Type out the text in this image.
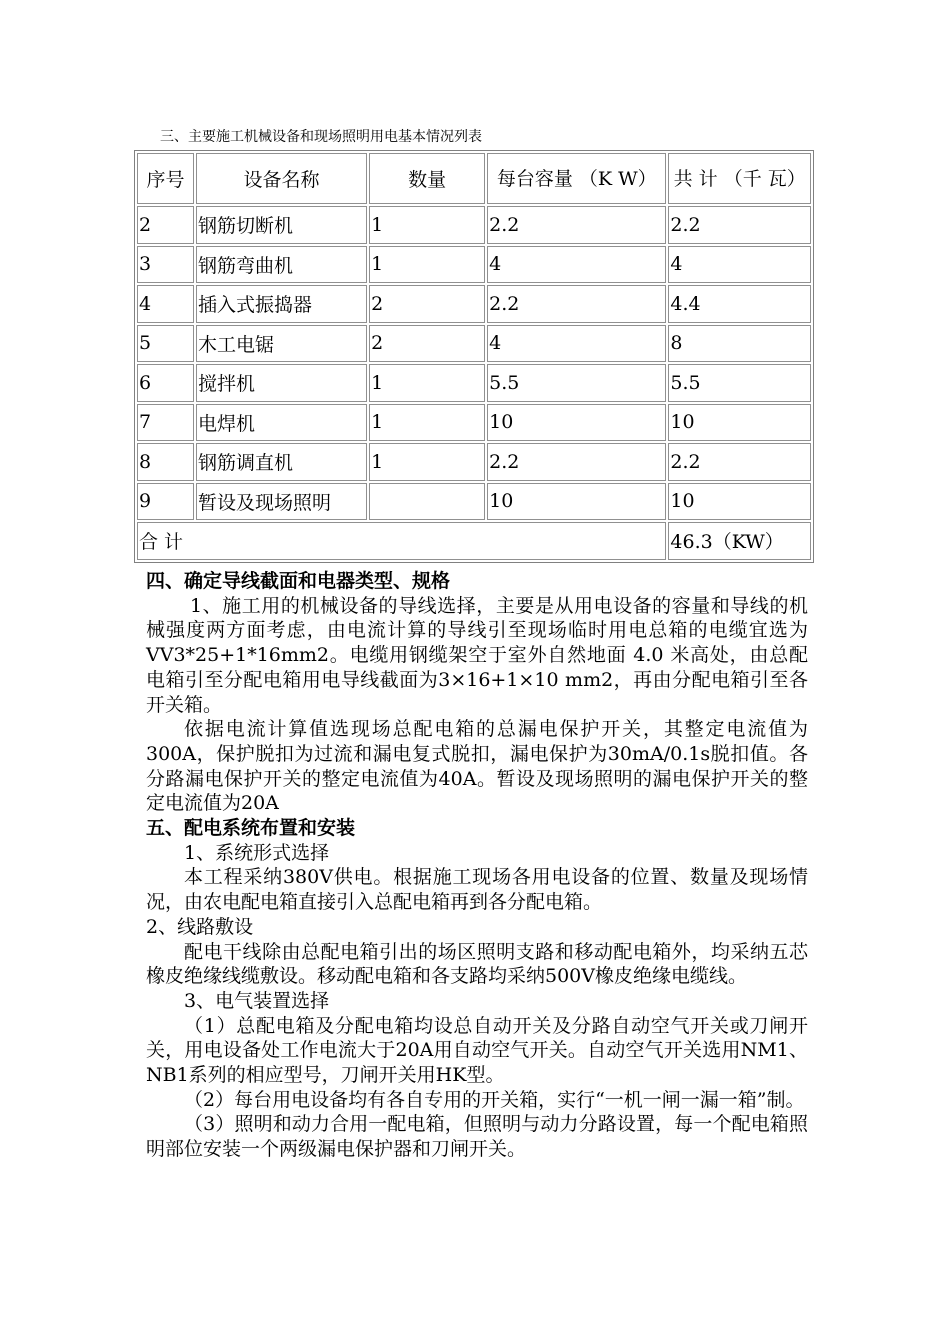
三、主要施工机械设备和现场照明用电基本情况列表
序号	设备名称	数量	每台容量 （K W）	共 计 （千 瓦）
2	钢筋切断机	1	2.2	2.2
3	钢筋弯曲机	1	4	4
4	插入式振捣器	2	2.2	4.4
5	木工电锯	2	4	8
6	搅拌机	1	5.5	5.5
7	电焊机	1	10	10
8	钢筋调直机	1	2.2	2.2
9	暂设及现场照明		10	10
合 计				46.3（KW）

四、确定导线截面和电器类型、规格

1、施工用的机械设备的导线选择，主要是从用电设备的容量和导线的机械强度两方面考虑，由电流计算的导线引至现场临时用电总箱的电缆宜选为VV3*25+1*16mm2。电缆用钢缆架空于室外自然地面 4.0 米高处，由总配电箱引至分配电箱用电导线截面为3×16+1×10 mm2，再由分配电箱引至各开关箱。

依据电流计算值选现场总配电箱的总漏电保护开关，其整定电流值为300A，保护脱扣为过流和漏电复式脱扣，漏电保护为30mA/0.1s脱扣值。各分路漏电保护开关的整定电流值为40A。暂设及现场照明的漏电保护开关的整定电流值为20A

五、配电系统布置和安装

1、系统形式选择

本工程采纳380V供电。根据施工现场各用电设备的位置、数量及现场情况，由农电配电箱直接引入总配电箱再到各分配电箱。

2、线路敷设

配电干线除由总配电箱引出的场区照明支路和移动配电箱外，均采纳五芯橡皮绝缘线缆敷设。移动配电箱和各支路均采纳500V橡皮绝缘电缆线。

3、电气装置选择

（1）总配电箱及分配电箱均设总自动开关及分路自动空气开关或刀闸开关，用电设备处工作电流大于20A用自动空气开关。自动空气开关选用NM1、NB1系列的相应型号，刀闸开关用HK型。

（2）每台用电设备均有各自专用的开关箱，实行“一机一闸一漏一箱”制。

（3）照明和动力合用一配电箱，但照明与动力分路设置，每一个配电箱照明部位安装一个两级漏电保护器和刀闸开关。
